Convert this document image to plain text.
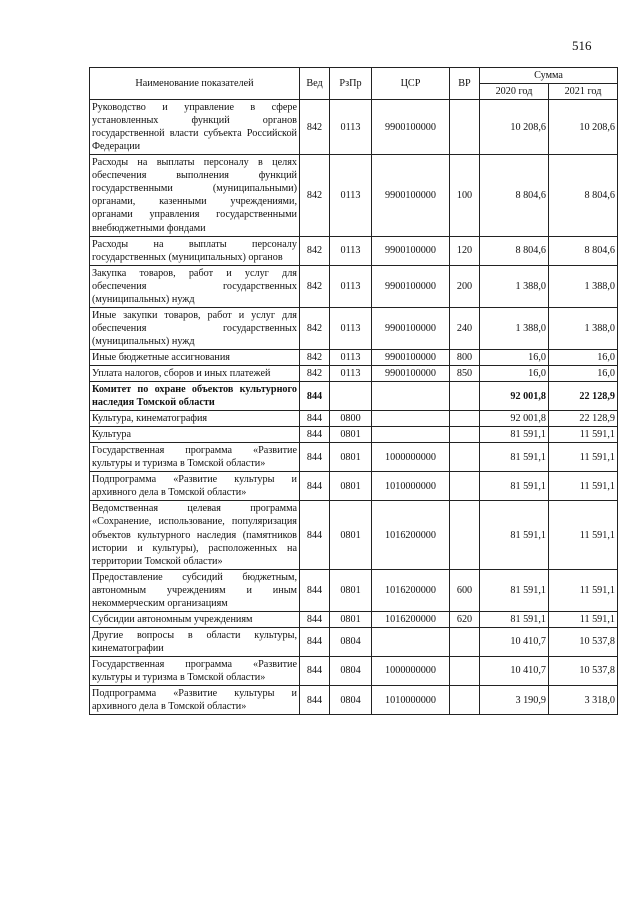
516
Наименование показателей	Вед	РзПр	ЦСР	ВР	Сумма	
					2020 год	2021 год
Руководство и управление в сфере установленных функций органов государственной власти субъекта Российской Федерации	842	0113	9900100000		10 208,6	10 208,6
Расходы на выплаты персоналу в целях обеспечения выполнения функций государственными (муниципальными) органами, казенными учреждениями, органами управления государственными внебюджетными фондами	842	0113	9900100000	100	8 804,6	8 804,6
Расходы на выплаты персоналу государственных (муниципальных) органов	842	0113	9900100000	120	8 804,6	8 804,6
Закупка товаров, работ и услуг для обеспечения государственных (муниципальных) нужд	842	0113	9900100000	200	1 388,0	1 388,0
Иные закупки товаров, работ и услуг для обеспечения государственных (муниципальных) нужд	842	0113	9900100000	240	1 388,0	1 388,0
Иные бюджетные ассигнования	842	0113	9900100000	800	16,0	16,0
Уплата налогов, сборов и иных платежей	842	0113	9900100000	850	16,0	16,0
Комитет по охране объектов культурного наследия Томской области	844				92 001,8	22 128,9
Культура, кинематография	844	0800			92 001,8	22 128,9
Культура	844	0801			81 591,1	11 591,1
Государственная программа «Развитие культуры и туризма в Томской области»	844	0801	1000000000		81 591,1	11 591,1
Подпрограмма «Развитие культуры и архивного дела в Томской области»	844	0801	1010000000		81 591,1	11 591,1
Ведомственная целевая программа «Сохранение, использование, популяризация объектов культурного наследия (памятников истории и культуры), расположенных на территории Томской области»	844	0801	1016200000		81 591,1	11 591,1
Предоставление субсидий бюджетным, автономным учреждениям и иным некоммерческим организациям	844	0801	1016200000	600	81 591,1	11 591,1
Субсидии автономным учреждениям	844	0801	1016200000	620	81 591,1	11 591,1
Другие вопросы в области культуры, кинематографии	844	0804			10 410,7	10 537,8
Государственная программа «Развитие культуры и туризма в Томской области»	844	0804	1000000000		10 410,7	10 537,8
Подпрограмма «Развитие культуры и архивного дела в Томской области»	844	0804	1010000000		3 190,9	3 318,0
